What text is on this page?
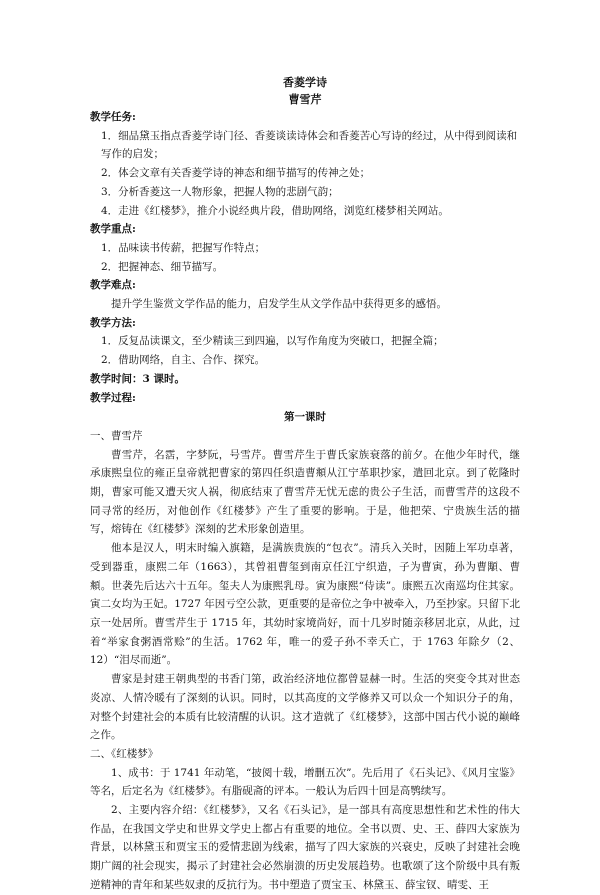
香菱学诗

曹雪芹

教学任务:

1．细品黛玉指点香菱学诗门径、香菱谈读诗体会和香菱苦心写诗的经过，从中得到阅读和写作的启发；

2．体会文章有关香菱学诗的神态和细节描写的传神之处；

3．分析香菱这一人物形象，把握人物的悲剧气韵；

4．走进《红楼梦》，推介小说经典片段，借助网络，浏览红楼梦相关网站。

教学重点:

1．品味读书传薪，把握写作特点；

2．把握神态、细节描写。

教学难点:

提升学生鉴赏文学作品的能力，启发学生从文学作品中获得更多的感悟。

教学方法:

1．反复品读课文，至少精读三到四遍，以写作角度为突破口，把握全篇；

2．借助网络，自主、合作、探究。

教学时间：3 课时。

教学过程:

第一课时

一、曹雪芹

曹雪芹，名霑，字梦阮，号雪芹。曹雪芹生于曹氏家族衰落的前夕。在他少年时代，继承康熙皇位的雍正皇帝就把曹家的第四任织造曹頫从江宁革职抄家，遣回北京。到了乾隆时期，曹家可能又遭天灾人祸，彻底结束了曹雪芹无忧无虑的贵公子生活，而曹雪芹的这段不同寻常的经历，对他创作《红楼梦》产生了重要的影响。于是，他把荣、宁贵族生活的描写，熔铸在《红楼梦》深刻的艺术形象创造里。

他本是汉人，明末时编入旗籍，是满族贵族的“包衣”。清兵入关时，因随上军功卓著，受到器重，康熙二年（1663），其曾祖曹玺到南京任江宁织造，子为曹寅，孙为曹顒、曹頫。世袭先后达六十五年。玺夫人为康熙乳母。寅为康熙“侍读”。康熙五次南巡均住其家。寅二女均为王妃。1727 年因亏空公款，更重要的是帝位之争中被牵入，乃至抄家。只留下北京一处居所。曹雪芹生于 1715 年，其幼时家境尚好，而十几岁时随亲移居北京，从此，过着“举家食粥酒常赊”的生活。1762 年，唯一的爱子孙不幸夭亡，于 1763 年除夕（2、12）“泪尽而逝”。

曹家是封建王朝典型的书香门第，政治经济地位都曾显赫一时。生活的突变令其对世态炎凉、人情冷暖有了深刻的认识。同时，以其高度的文学修养又可以众一个知识分子的角，对整个封建社会的本质有比较清醒的认识。这才造就了《红楼梦》，这部中国古代小说的巅峰之作。

二、《红楼梦》

1、成书：于 1741 年动笔，“披阅十载，增删五次”。先后用了《石头记》、《风月宝鉴》等名，后定名为《红楼梦》。有脂砚斋的评本。一般认为后四十回是高鹗续写。

2、主要内容介绍：《红楼梦》，又名《石头记》，是一部具有高度思想性和艺术性的伟大作品，在我国文学史和世界文学史上都占有重要的地位。全书以贾、史、王、薛四大家族为背景，以林黛玉和贾宝玉的爱情悲剧为线索，描写了四大家族的兴衰史，反映了封建社会晚期广阔的社会现实，揭示了封建社会必然崩溃的历史发展趋势。也歌颂了这个阶级中具有叛逆精神的青年和某些奴隶的反抗行为。书中塑造了贾宝玉、林黛玉、薛宝钗、晴雯、王
